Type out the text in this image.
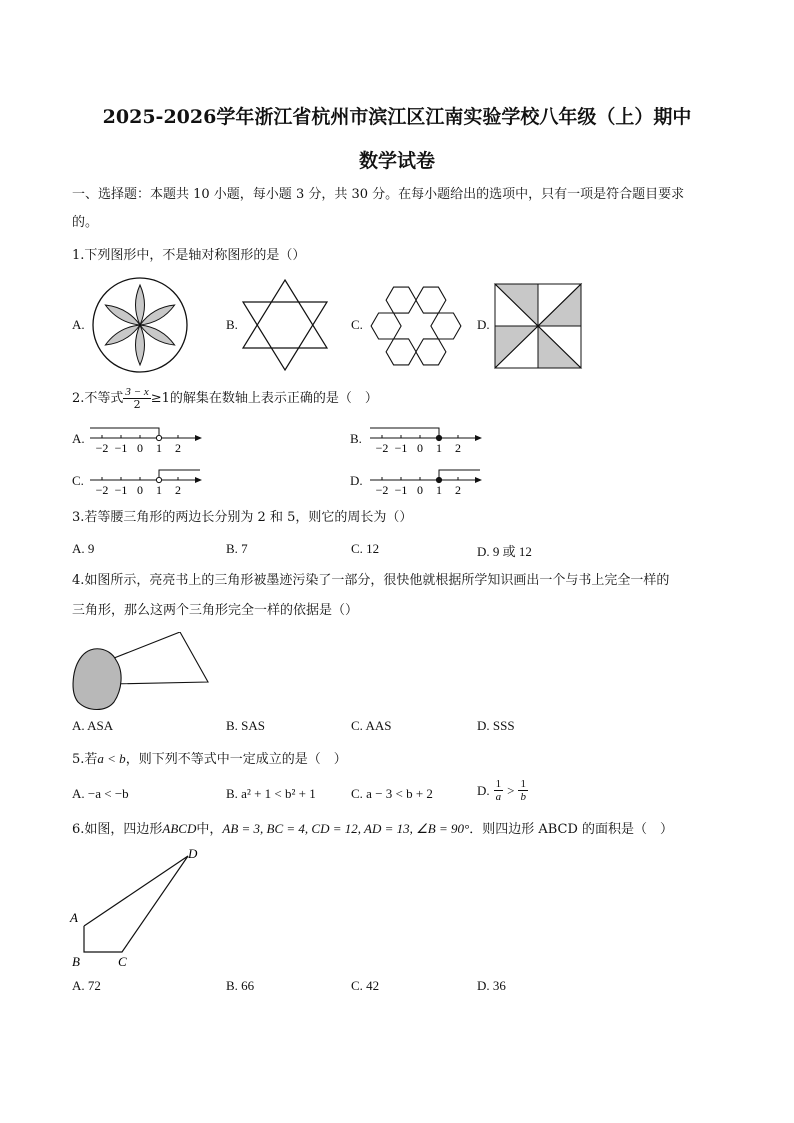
2025-2026学年浙江省杭州市滨江区江南实验学校八年级（上）期中
数学试卷
一、选择题：本题共 10 小题，每小题 3 分，共 30 分。在每小题给出的选项中，只有一项是符合题目要求
的。
1.下列图形中，不是轴对称图形的是（）
A.	B.	C.	D.
2.不等式 $\frac{3 - x}{2} \ge 1$的解集在数轴上表示正确的是（　）
A.	B.
C.	D.
−2 −1 0 1 2	−2 −1 0 1 2
−2 −1 0 1 2	−2 −1 0 1 2
3.若等腰三角形的两边长分别为 2 和 5，则它的周长为（）
A. 9	B. 7	C. 12	D. 9 或 12
4.如图所示，亮亮书上的三角形被墨迹污染了一部分，很快他就根据所学知识画出一个与书上完全一样的
三角形，那么这两个三角形完全一样的依据是（）
A. ASA	B. SAS	C. AAS	D. SSS
5.若a < b，则下列不等式中一定成立的是（　）
A. −a < −b	B. a² + 1 < b² + 1	C. a − 3 < b + 2	D. $\frac{1}{a} > \frac{1}{b}$
6.如图，四边形ABCD中，AB = 3, BC = 4, CD = 12, AD = 13, ∠B = 90°．则四边形 ABCD 的面积是（　）
D
A
B	C
A. 72	B. 66	C. 42	D. 36
